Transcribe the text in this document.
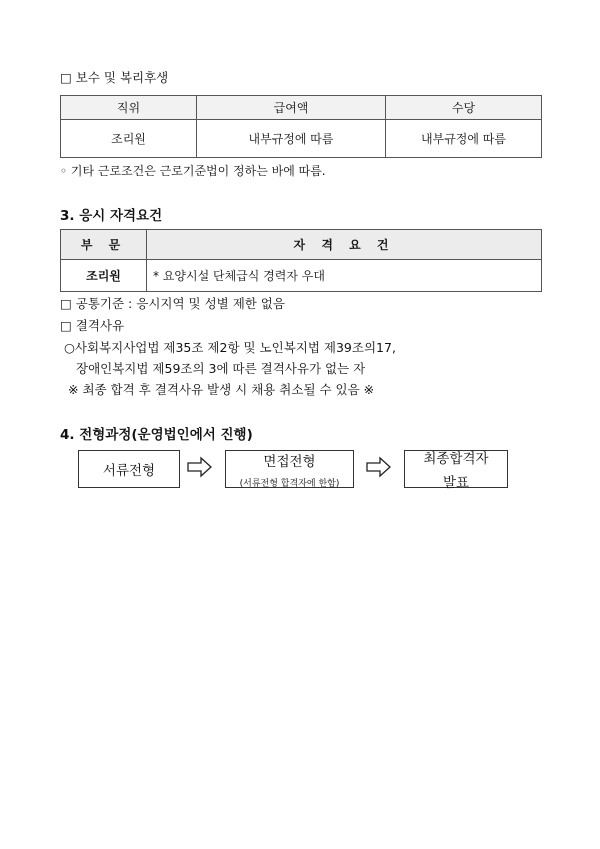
□ 보수 및 복리후생
직위	급여액	수당
조리원	내부규정에 따름	내부규정에 따름
◦ 기타 근로조건은 근로기준법이 정하는 바에 따름.
3. 응시 자격요건
부 문	자 격 요 건
조리원	* 요양시설 단체급식 경력자 우대
□ 공통기준 : 응시지역 및 성별 제한 없음
□ 결격사유
○사회복지사업법 제35조 제2항 및 노인복지법 제39조의17,
장애인복지법 제59조의 3에 따른 결격사유가 없는 자
※ 최종 합격 후 결격사유 발생 시 채용 취소될 수 있음 ※
4. 전형과정(운영법인에서 진행)
서류전형
면접전형
(서류전형 합격자에 한함)
최종합격자
발표
